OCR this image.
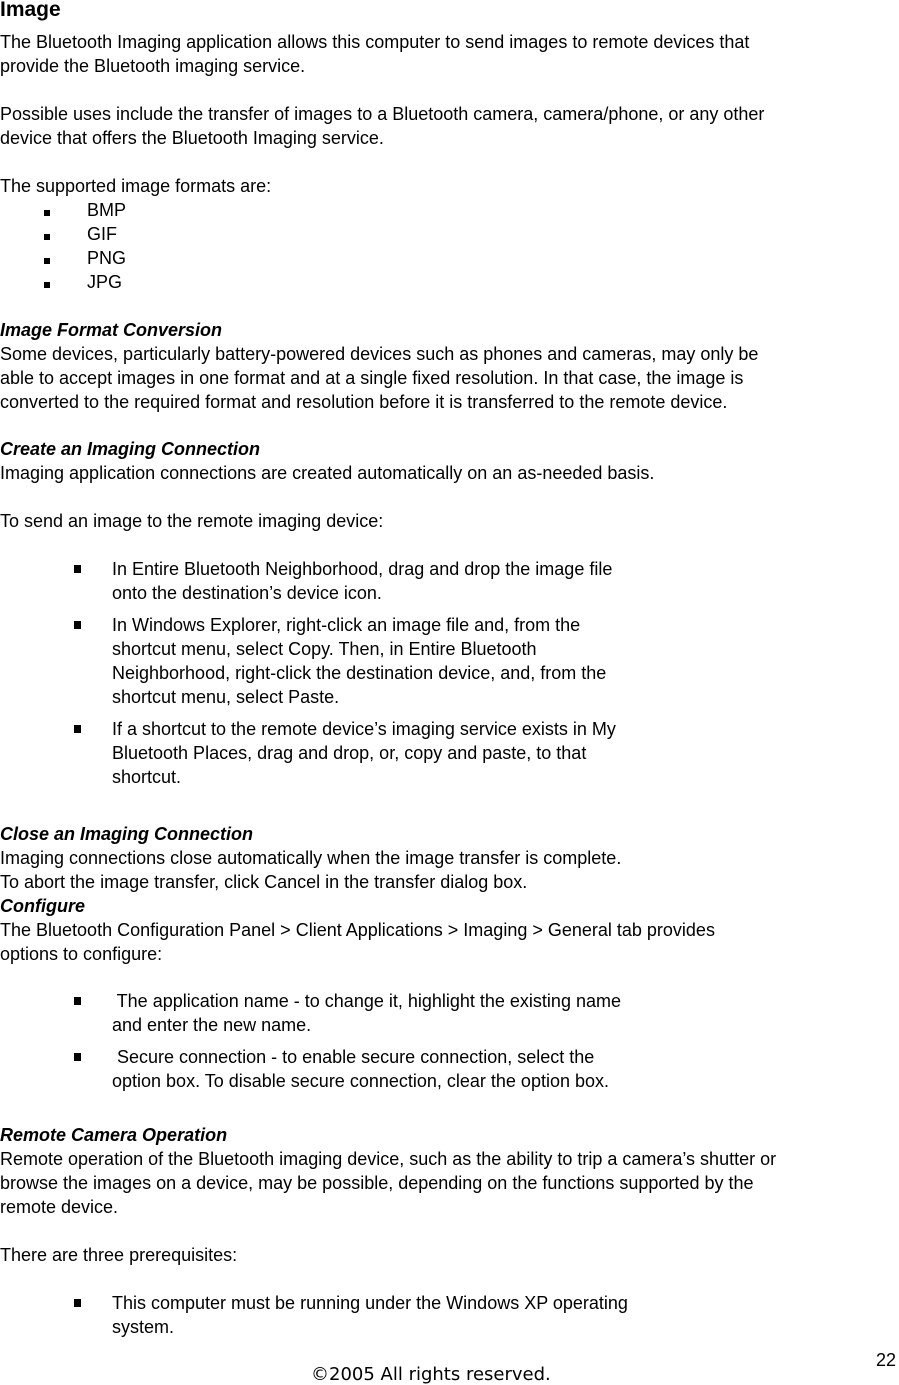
Image
The Bluetooth Imaging application allows this computer to send images to remote devices that
provide the Bluetooth imaging service.
Possible uses include the transfer of images to a Bluetooth camera, camera/phone, or any other
device that offers the Bluetooth Imaging service.
The supported image formats are:
BMP
GIF
PNG
JPG
Image Format Conversion
Some devices, particularly battery-powered devices such as phones and cameras, may only be
able to accept images in one format and at a single fixed resolution. In that case, the image is
converted to the required format and resolution before it is transferred to the remote device.
Create an Imaging Connection
Imaging application connections are created automatically on an as-needed basis.
To send an image to the remote imaging device:
In Entire Bluetooth Neighborhood, drag and drop the image file
onto the destination’s device icon.
In Windows Explorer, right-click an image file and, from the
shortcut menu, select Copy. Then, in Entire Bluetooth
Neighborhood, right-click the destination device, and, from the
shortcut menu, select Paste.
If a shortcut to the remote device’s imaging service exists in My
Bluetooth Places, drag and drop, or, copy and paste, to that
shortcut.
Close an Imaging Connection
Imaging connections close automatically when the image transfer is complete.
To abort the image transfer, click Cancel in the transfer dialog box.
Configure
The Bluetooth Configuration Panel > Client Applications > Imaging > General tab provides
options to configure:
The application name - to change it, highlight the existing name
and enter the new name.
Secure connection - to enable secure connection, select the
option box. To disable secure connection, clear the option box.
Remote Camera Operation
Remote operation of the Bluetooth imaging device, such as the ability to trip a camera’s shutter or
browse the images on a device, may be possible, depending on the functions supported by the
remote device.
There are three prerequisites:
This computer must be running under the Windows XP operating
system.
22
©2005 All rights reserved.
